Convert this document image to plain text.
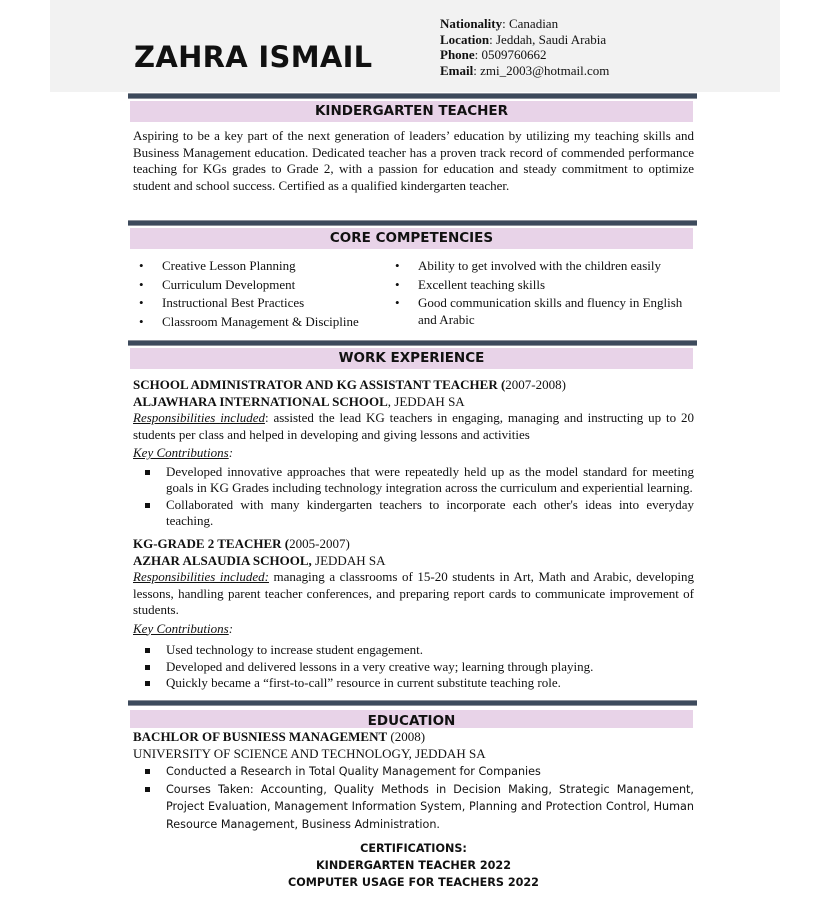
ZAHRA ISMAIL
Nationality: Canadian
Location: Jeddah, Saudi Arabia
Phone: 0509760662
Email: zmi_2003@hotmail.com
KINDERGARTEN TEACHER
Aspiring to be a key part of the next generation of leaders’ education by utilizing my teaching skills and Business Management education. Dedicated teacher has a proven track record of commended performance teaching for KGs grades to Grade 2, with a passion for education and steady commitment to optimize student and school success. Certified as a qualified kindergarten teacher.
CORE COMPETENCIES
• Creative Lesson Planning
• Curriculum Development
• Instructional Best Practices
• Classroom Management & Discipline
• Ability to get involved with the children easily
• Excellent teaching skills
• Good communication skills and fluency in English and Arabic
WORK EXPERIENCE
SCHOOL ADMINISTRATOR AND KG ASSISTANT TEACHER (2007-2008)
ALJAWHARA INTERNATIONAL SCHOOL, JEDDAH SA
Responsibilities included: assisted the lead KG teachers in engaging, managing and instructing up to 20 students per class and helped in developing and giving lessons and activities
Key Contributions:
Developed innovative approaches that were repeatedly held up as the model standard for meeting goals in KG Grades including technology integration across the curriculum and experiential learning.
Collaborated with many kindergarten teachers to incorporate each other's ideas into everyday teaching.
KG-GRADE 2 TEACHER (2005-2007)
AZHAR ALSAUDIA SCHOOL, JEDDAH SA
Responsibilities included: managing a classrooms of 15-20 students in Art, Math and Arabic, developing lessons, handling parent teacher conferences, and preparing report cards to communicate improvement of students.
Key Contributions:
Used technology to increase student engagement.
Developed and delivered lessons in a very creative way; learning through playing.
Quickly became a “first-to-call” resource in current substitute teaching role.
EDUCATION
BACHLOR OF BUSNIESS MANAGEMENT (2008)
UNIVERSITY OF SCIENCE AND TECHNOLOGY, JEDDAH SA
Conducted a Research in Total Quality Management for Companies
Courses Taken: Accounting, Quality Methods in Decision Making, Strategic Management, Project Evaluation, Management Information System, Planning and Protection Control, Human Resource Management, Business Administration.
CERTIFICATIONS:
KINDERGARTEN TEACHER 2022
COMPUTER USAGE FOR TEACHERS 2022
